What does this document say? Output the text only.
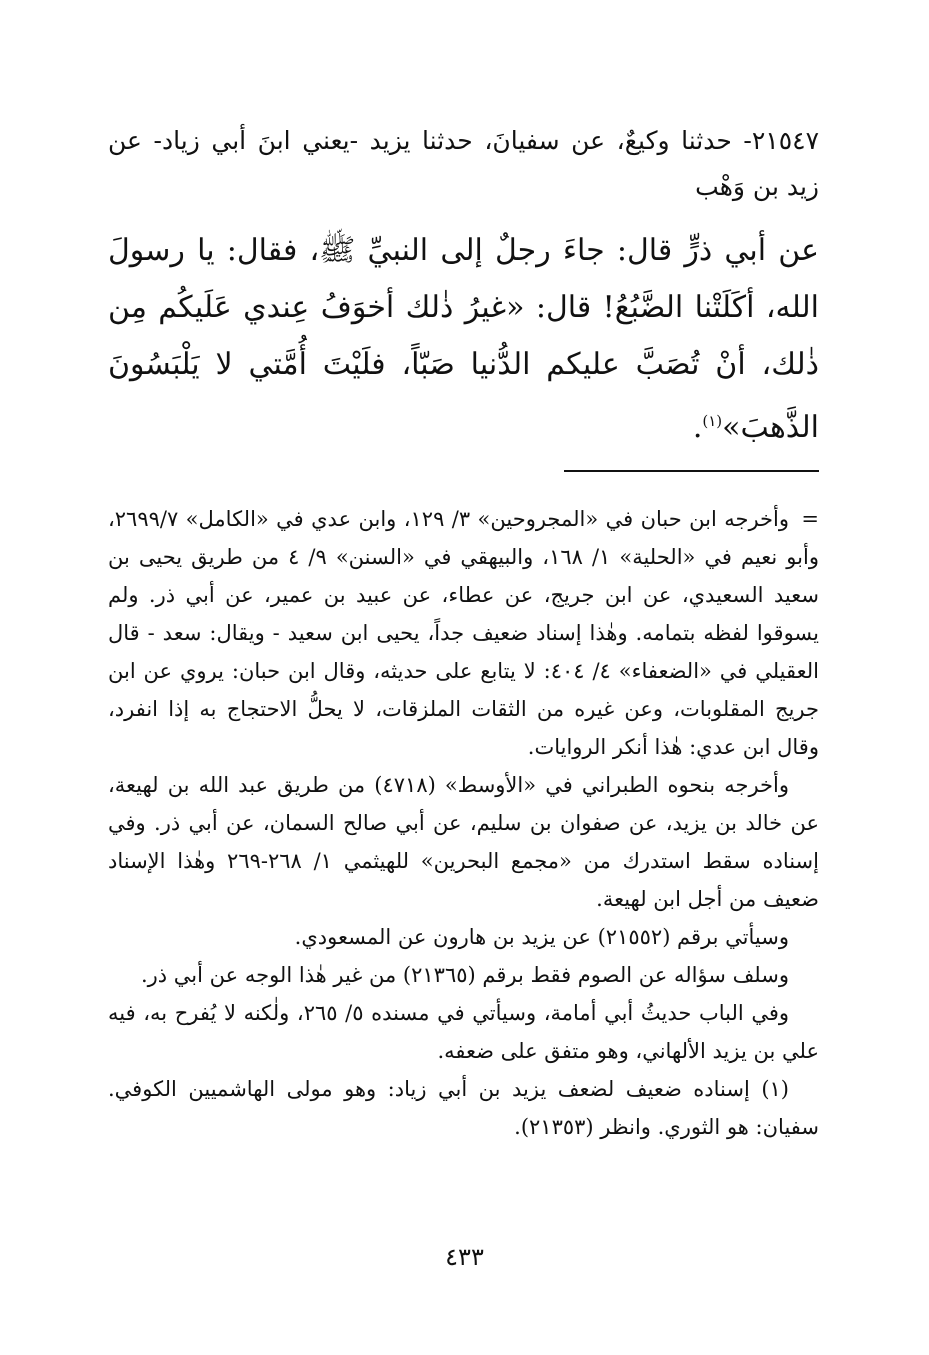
٢١٥٤٧- حدثنا وكيعٌ، عن سفيانَ، حدثنا يزيد -يعني ابنَ أبي زياد- عن زيد بن وَهْب
عن أبي ذرٍّ قال: جاءَ رجلٌ إلى النبيِّ ﷺ، فقال: يا رسولَ الله، أكَلَتْنا الضَّبُعُ! قال: «غيرُ ذٰلك أخوَفُ عِندي عَلَيكُم مِن ذٰلك، أنْ تُصَبَّ عليكم الدُّنيا صَبّاً، فلَيْتَ أُمَّتي لا يَلْبَسُونَ الذَّهبَ»$^{(١)}$.

=وأخرجه ابن حبان في «المجروحين» ٣/ ١٢٩، وابن عدي في «الكامل» ٢٦٩٩/٧، وأبو نعيم في «الحلية» ١/ ١٦٨، والبيهقي في «السنن» ٩/ ٤ من طريق يحيى بن سعيد السعيدي، عن ابن جريج، عن عطاء، عن عبيد بن عمير، عن أبي ذر. ولم يسوقوا لفظه بتمامه. وهٰذا إسناد ضعيف جداً، يحيى ابن سعيد - ويقال: سعد - قال العقيلي في «الضعفاء» ٤/ ٤٠٤: لا يتابع على حديثه، وقال ابن حبان: يروي عن ابن جريج المقلوبات، وعن غيره من الثقات الملزقات، لا يحلُّ الاحتجاج به إذا انفرد، وقال ابن عدي: هٰذا أنكر الروايات.

وأخرجه بنحوه الطبراني في «الأوسط» (٤٧١٨) من طريق عبد الله بن لهيعة، عن خالد بن يزيد، عن صفوان بن سليم، عن أبي صالح السمان، عن أبي ذر. وفي إسناده سقط استدرك من «مجمع البحرين» للهيثمي ١/ ٢٦٨-٢٦٩ وهٰذا الإسناد ضعيف من أجل ابن لهيعة.

وسيأتي برقم (٢١٥٥٢) عن يزيد بن هارون عن المسعودي.

وسلف سؤاله عن الصوم فقط برقم (٢١٣٦٥) من غير هٰذا الوجه عن أبي ذر.

وفي الباب حديثُ أبي أمامة، وسيأتي في مسنده ٥/ ٢٦٥، ولٰكنه لا يُفرح به، فيه علي بن يزيد الألهاني، وهو متفق على ضعفه.

(١) إسناده ضعيف لضعف يزيد بن أبي زياد: وهو مولى الهاشميين الكوفي. سفيان: هو الثوري. وانظر (٢١٣٥٣).

٤٣٣
